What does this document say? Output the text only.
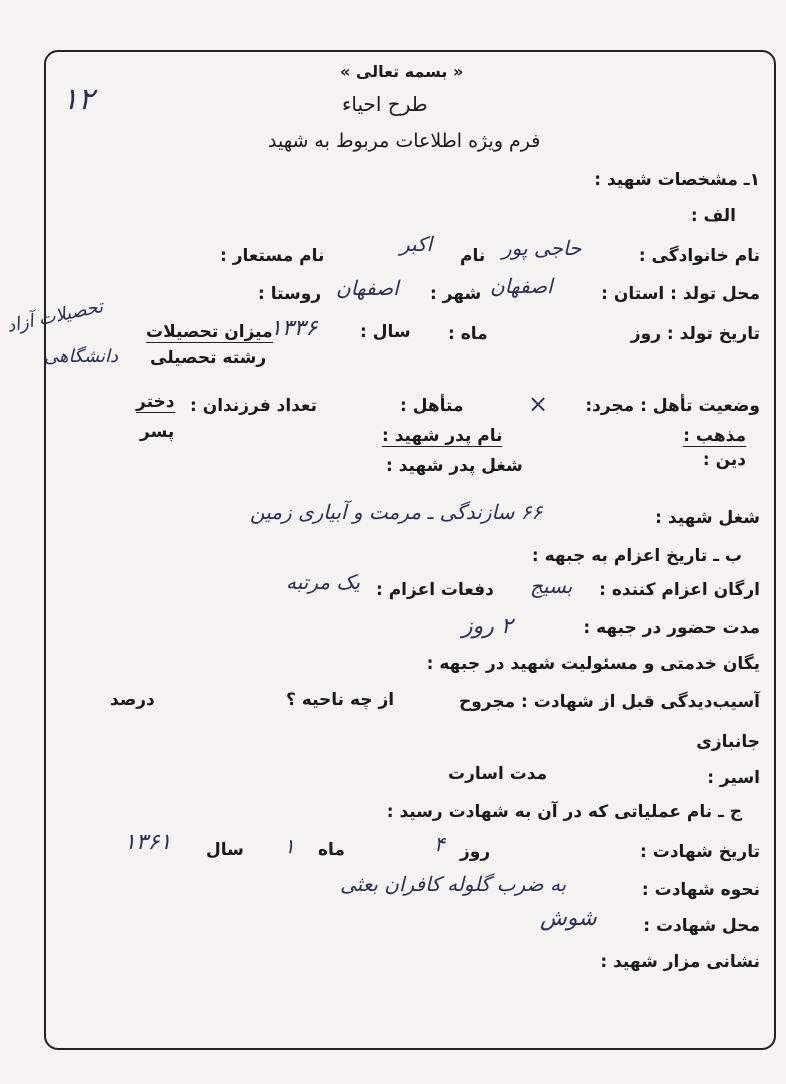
« بسمه تعالی »
طرح احیاء
فرم ویژه اطلاعات مربوط به شهید
۱۲
۱ـ مشخصات شهید :
الف :
نام خانوادگی :
حاجی پور
نام
اکبر
نام مستعار :
محل تولد : استان :
اصفهان
شهر :
اصفهان
روستا :
تاریخ تولد : روز
ماه :
سال :
۱۳۳۶
میزان تحصیلات
تحصیلات آزاد
رشته تحصیلی
دانشگاهی
وضعیت تأهل : مجرد:
×
متأهل :
تعداد فرزندان :
دختر
پسر	مذهب :
دین :
نام پدر شهید :
شغل پدر شهید :
شغل شهید :
۶۶ سازندگی ـ مرمت و آبیاری زمین
ب ـ تاریخ اعزام به جبهه :
ارگان اعزام کننده :
بسیج
دفعات اعزام :
یک مرتبه
مدت حضور در جبهه :
۲ روز
یگان خدمتی و مسئولیت شهید در جبهه :
آسیب‌دیدگی قبل از شهادت : مجروح
از چه ناحیه ؟
درصد
جانبازی
اسیر :
مدت اسارت
ج ـ نام عملیاتی که در آن به شهادت رسید :
تاریخ شهادت :
روز
۴
ماه
۱
سال
۱۳۶۱
نحوه شهادت :
به ضرب گلوله کافران بعثی
محل شهادت :
شوش
نشانی مزار شهید :
